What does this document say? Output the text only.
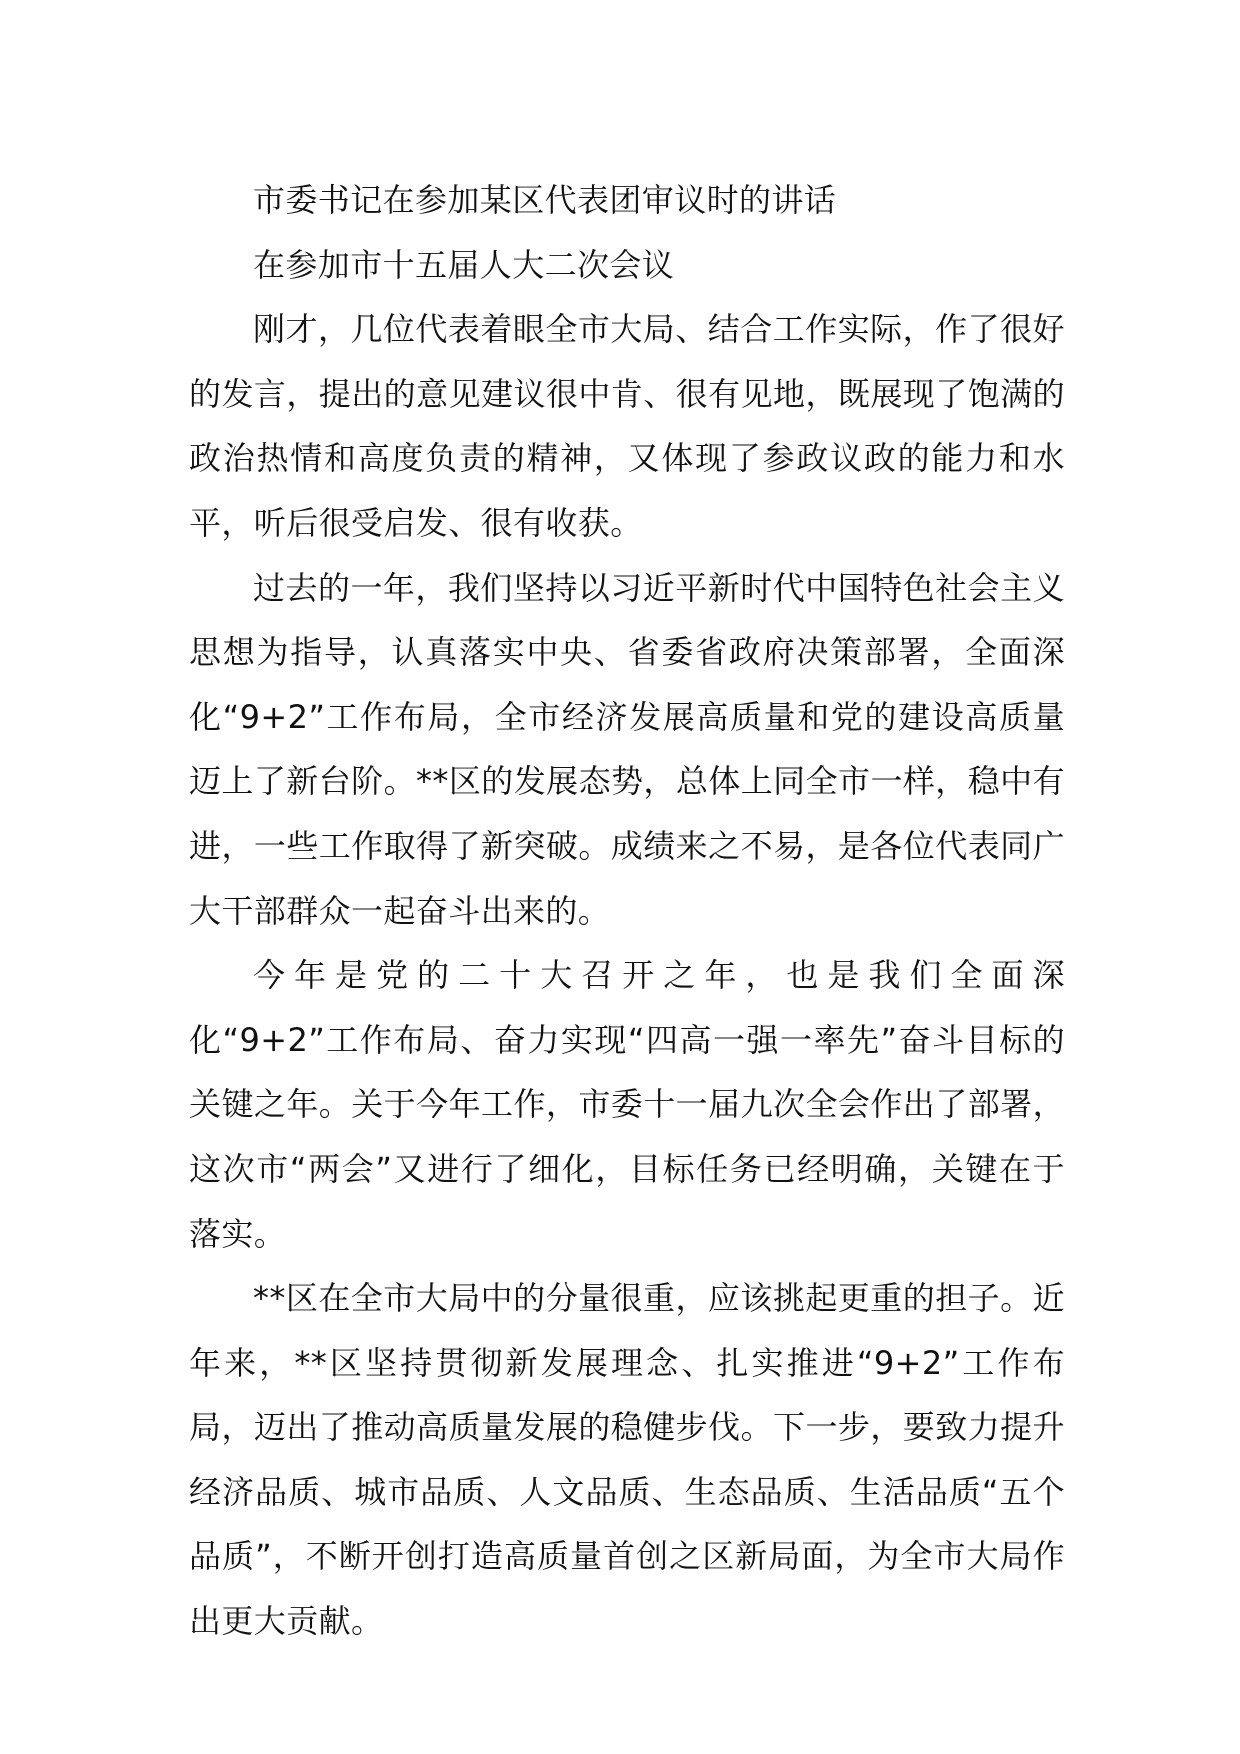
市委书记在参加某区代表团审议时的讲话

在参加市十五届人大二次会议

刚才，几位代表着眼全市大局、结合工作实际，作了很好的发言，提出的意见建议很中肯、很有见地，既展现了饱满的政治热情和高度负责的精神，又体现了参政议政的能力和水平，听后很受启发、很有收获。

过去的一年，我们坚持以习近平新时代中国特色社会主义思想为指导，认真落实中央、省委省政府决策部署，全面深化“9+2”工作布局，全市经济发展高质量和党的建设高质量迈上了新台阶。**区的发展态势，总体上同全市一样，稳中有进，一些工作取得了新突破。成绩来之不易，是各位代表同广大干部群众一起奋斗出来的。

今年是党的二十大召开之年，也是我们全面深化“9+2”工作布局、奋力实现“四高一强一率先”奋斗目标的关键之年。关于今年工作，市委十一届九次全会作出了部署，这次市“两会”又进行了细化，目标任务已经明确，关键在于落实。

**区在全市大局中的分量很重，应该挑起更重的担子。近年来，**区坚持贯彻新发展理念、扎实推进“9+2”工作布局，迈出了推动高质量发展的稳健步伐。下一步，要致力提升经济品质、城市品质、人文品质、生态品质、生活品质“五个品质”，不断开创打造高质量首创之区新局面，为全市大局作出更大贡献。
